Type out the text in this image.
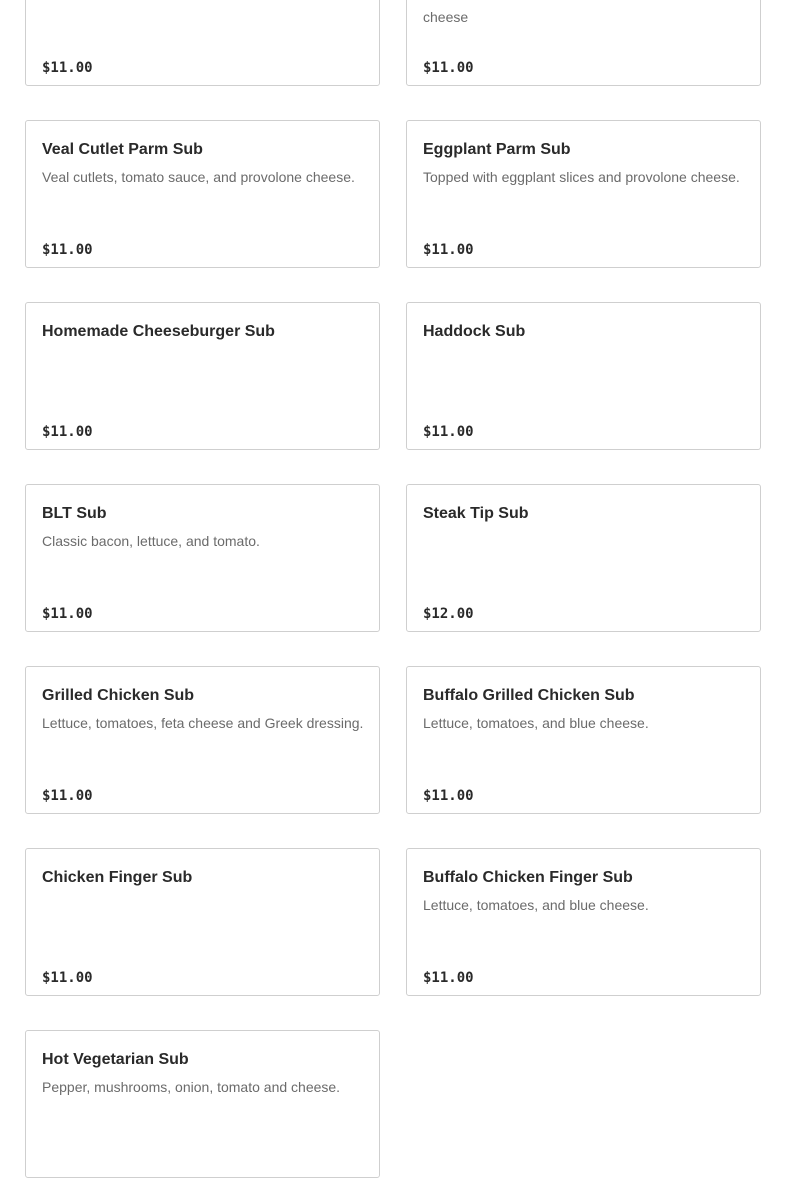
$11.00
cheese
$11.00
Veal Cutlet Parm Sub
Veal cutlets, tomato sauce, and provolone cheese.
$11.00
Eggplant Parm Sub
Topped with eggplant slices and provolone cheese.
$11.00
Homemade Cheeseburger Sub
$11.00
Haddock Sub
$11.00
BLT Sub
Classic bacon, lettuce, and tomato.
$11.00
Steak Tip Sub
$12.00
Grilled Chicken Sub
Lettuce, tomatoes, feta cheese and Greek dressing.
$11.00
Buffalo Grilled Chicken Sub
Lettuce, tomatoes, and blue cheese.
$11.00
Chicken Finger Sub
$11.00
Buffalo Chicken Finger Sub
Lettuce, tomatoes, and blue cheese.
$11.00
Hot Vegetarian Sub
Pepper, mushrooms, onion, tomato and cheese.
